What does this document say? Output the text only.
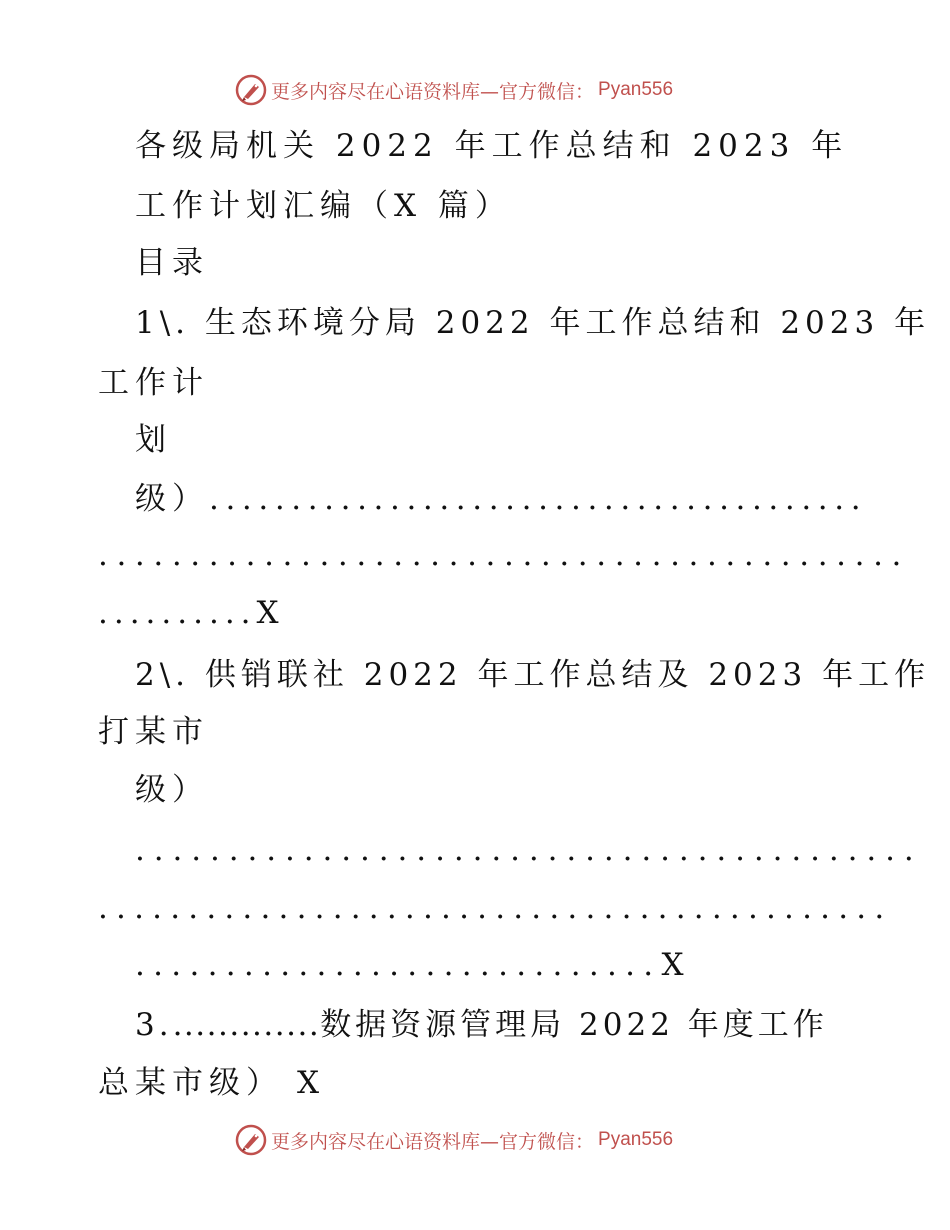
更多内容尽在心语资料库—官方微信： Pyan556
各级局机关 2022 年工作总结和 2023 年
工作计划汇编（X 篇）
目录
1\. 生态环境分局 2022 年工作总结和 2023 年
工作计
划
级）........................................
............................................
..........X
2\. 供销联社 2022 年工作总结及 2023 年工作
打某市
级）
..........................................
............................................
.............................X
3..............数据资源管理局 2022 年度工作
总某市级） X
更多内容尽在心语资料库—官方微信： Pyan556
